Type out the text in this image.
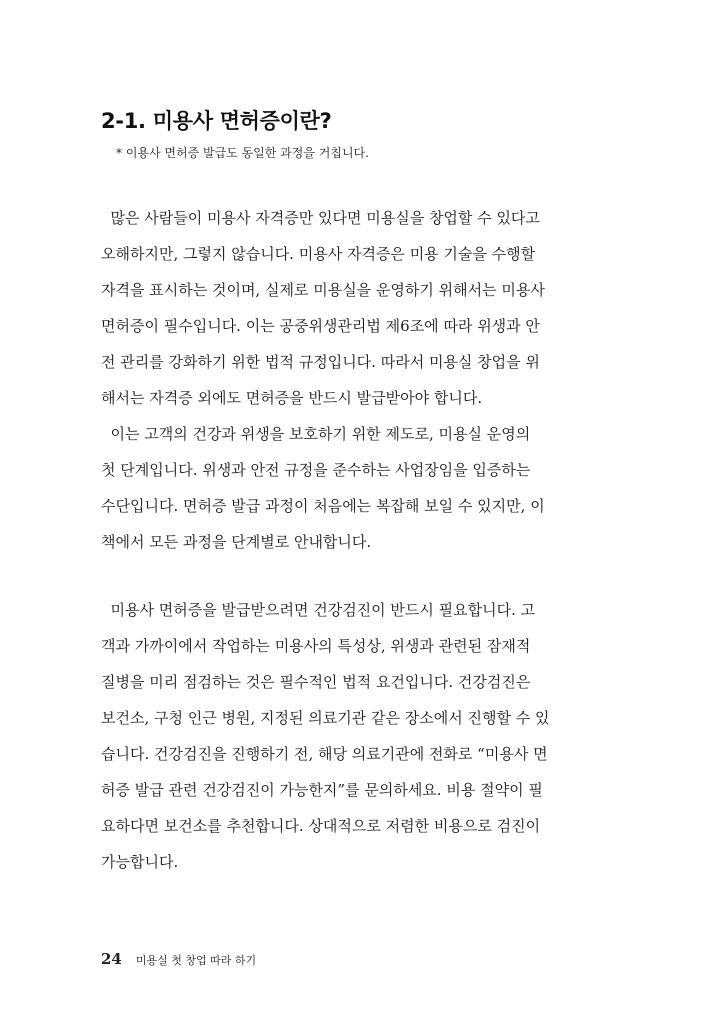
2-1. 미용사 면허증이란?
* 이용사 면허증 발급도 동일한 과정을 거칩니다.
많은 사람들이 미용사 자격증만 있다면 미용실을 창업할 수 있다고
오해하지만, 그렇지 않습니다. 미용사 자격증은 미용 기술을 수행할
자격을 표시하는 것이며, 실제로 미용실을 운영하기 위해서는 미용사
면허증이 필수입니다. 이는 공중위생관리법 제6조에 따라 위생과 안
전 관리를 강화하기 위한 법적 규정입니다. 따라서 미용실 창업을 위
해서는 자격증 외에도 면허증을 반드시 발급받아야 합니다.
이는 고객의 건강과 위생을 보호하기 위한 제도로, 미용실 운영의
첫 단계입니다. 위생과 안전 규정을 준수하는 사업장임을 입증하는
수단입니다. 면허증 발급 과정이 처음에는 복잡해 보일 수 있지만, 이
책에서 모든 과정을 단계별로 안내합니다.
미용사 면허증을 발급받으려면 건강검진이 반드시 필요합니다. 고
객과 가까이에서 작업하는 미용사의 특성상, 위생과 관련된 잠재적
질병을 미리 점검하는 것은 필수적인 법적 요건입니다. 건강검진은
보건소, 구청 인근 병원, 지정된 의료기관 같은 장소에서 진행할 수 있
습니다. 건강검진을 진행하기 전, 해당 의료기관에 전화로 “미용사 면
허증 발급 관련 건강검진이 가능한지”를 문의하세요. 비용 절약이 필
요하다면 보건소를 추천합니다. 상대적으로 저렴한 비용으로 검진이
가능합니다.
24 미용실 첫 창업 따라 하기
